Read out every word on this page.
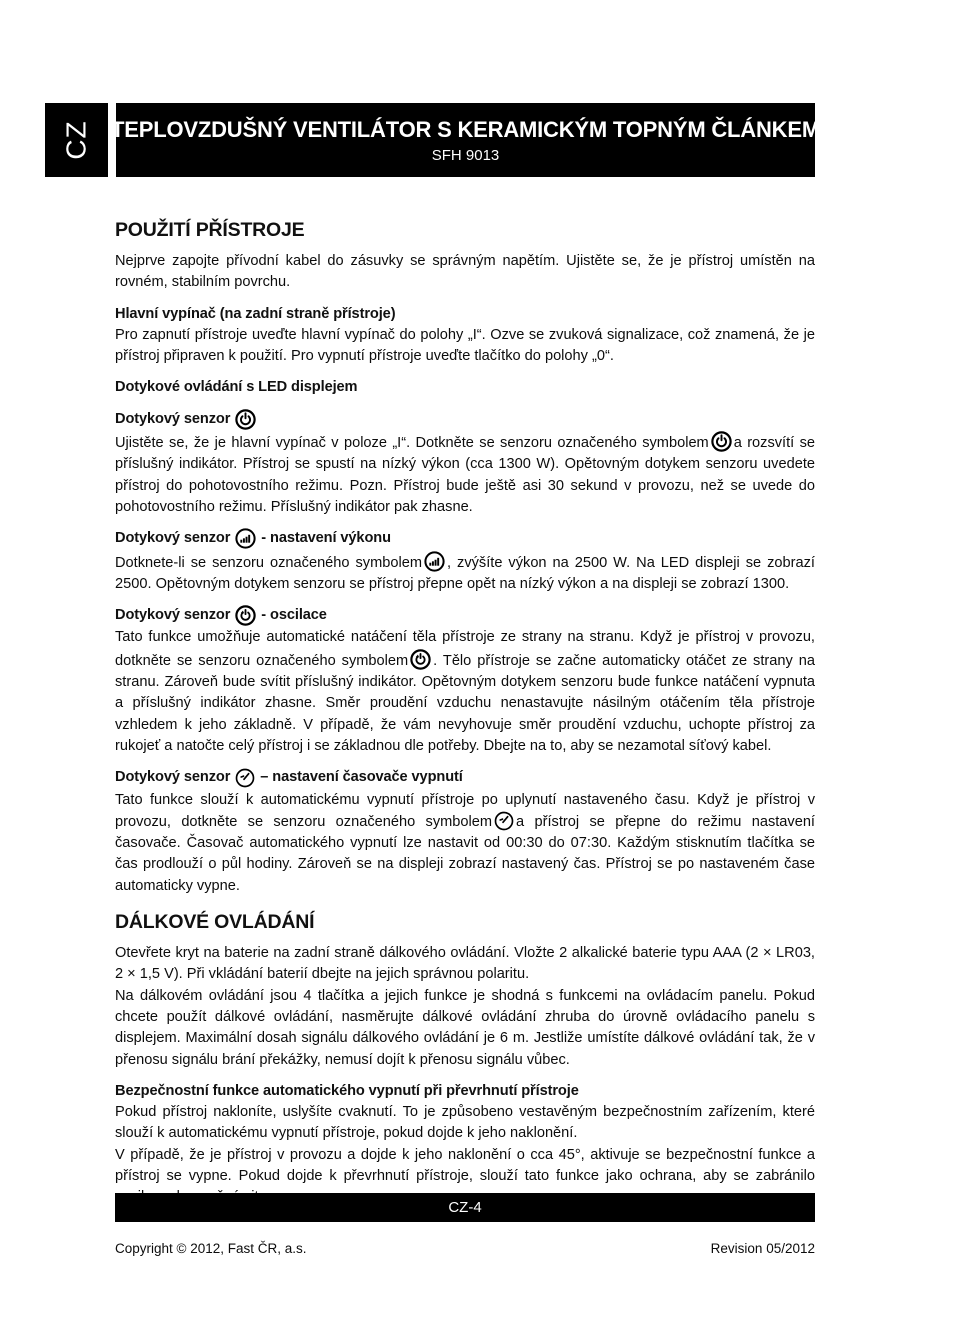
CZ TEPLOVZDUŠNÝ VENTILÁTOR S KERAMICKÝM TOPNÝM ČLÁNKEM
SFH 9013
POUŽITÍ PŘÍSTROJE

Nejprve zapojte přívodní kabel do zásuvky se správným napětím. Ujistěte se, že je přístroj umístěn na rovném, stabilním povrchu.

Hlavní vypínač (na zadní straně přístroje)

Pro zapnutí přístroje uveďte hlavní vypínač do polohy „I“. Ozve se zvuková signalizace, což znamená, že je přístroj připraven k použití. Pro vypnutí přístroje uveďte tlačítko do polohy „0“.

Dotykové ovládání s LED displejem
Dotykový senzor

Ujistěte se, že je hlavní vypínač v poloze „I“. Dotkněte se senzoru označeného symbolem a rozsvítí se příslušný indikátor. Přístroj se spustí na nízký výkon (cca 1300 W). Opětovným dotykem senzoru uvedete přístroj do pohotovostního režimu. Pozn. Přístroj bude ještě asi 30 sekund v provozu, než se uvede do pohotovostního režimu. Příslušný indikátor pak zhasne.

Dotykový senzor - nastavení výkonu

Dotknete-li se senzoru označeného symbolem , zvýšíte výkon na 2500 W. Na LED displeji se zobrazí 2500. Opětovným dotykem senzoru se přístroj přepne opět na nízký výkon a na displeji se zobrazí 1300.

Dotykový senzor - oscilace

Tato funkce umožňuje automatické natáčení těla přístroje ze strany na stranu. Když je přístroj v provozu, dotkněte se senzoru označeného symbolem . Tělo přístroje se začne automaticky otáčet ze strany na stranu. Zároveň bude svítit příslušný indikátor. Opětovným dotykem senzoru bude funkce natáčení vypnuta a příslušný indikátor zhasne. Směr proudění vzduchu nenastavujte násilným otáčením těla přístroje vzhledem k jeho základně. V případě, že vám nevyhovuje směr proudění vzduchu, uchopte přístroj za rukojeť a natočte celý přístroj i se základnou dle potřeby. Dbejte na to, aby se nezamotal síťový kabel.

Dotykový senzor – nastavení časovače vypnutí

Tato funkce slouží k automatickému vypnutí přístroje po uplynutí nastaveného času. Když je přístroj v provozu, dotkněte se senzoru označeného symbolem a přístroj se přepne do režimu nastavení časovače. Časovač automatického vypnutí lze nastavit od 00:30 do 07:30. Každým stisknutím tlačítka se čas prodlouží o půl hodiny. Zároveň se na displeji zobrazí nastavený čas. Přístroj se po nastaveném čase automaticky vypne.

DÁLKOVÉ OVLÁDÁNÍ

Otevřete kryt na baterie na zadní straně dálkového ovládání. Vložte 2 alkalické baterie typu AAA (2 × LR03, 2 × 1,5 V). Při vkládání baterií dbejte na jejich správnou polaritu.

Na dálkovém ovládání jsou 4 tlačítka a jejich funkce je shodná s funkcemi na ovládacím panelu. Pokud chcete použít dálkové ovládání, nasměrujte dálkové ovládání zhruba do úrovně ovládacího panelu s displejem. Maximální dosah signálu dálkového ovládání je 6 m. Jestliže umístíte dálkové ovládání tak, že v přenosu signálu brání překážky, nemusí dojít k přenosu signálu vůbec.

Bezpečnostní funkce automatického vypnutí při převrhnutí přístroje

Pokud přístroj nakloníte, uslyšíte cvaknutí. To je způsobeno vestavěným bezpečnostním zařízením, které slouží k automatickému vypnutí přístroje, pokud dojde k jeho naklonění.

V případě, že je přístroj v provozu a dojde k jeho naklonění o cca 45°, aktivuje se bezpečnostní funkce a přístroj se vypne. Pokud dojde k převrhnutí přístroje, slouží tato funkce jako ochrana, aby se zabránilo

CZ-4
Copyright © 2012, Fast ČR, a.s.	Revision 05/2012
